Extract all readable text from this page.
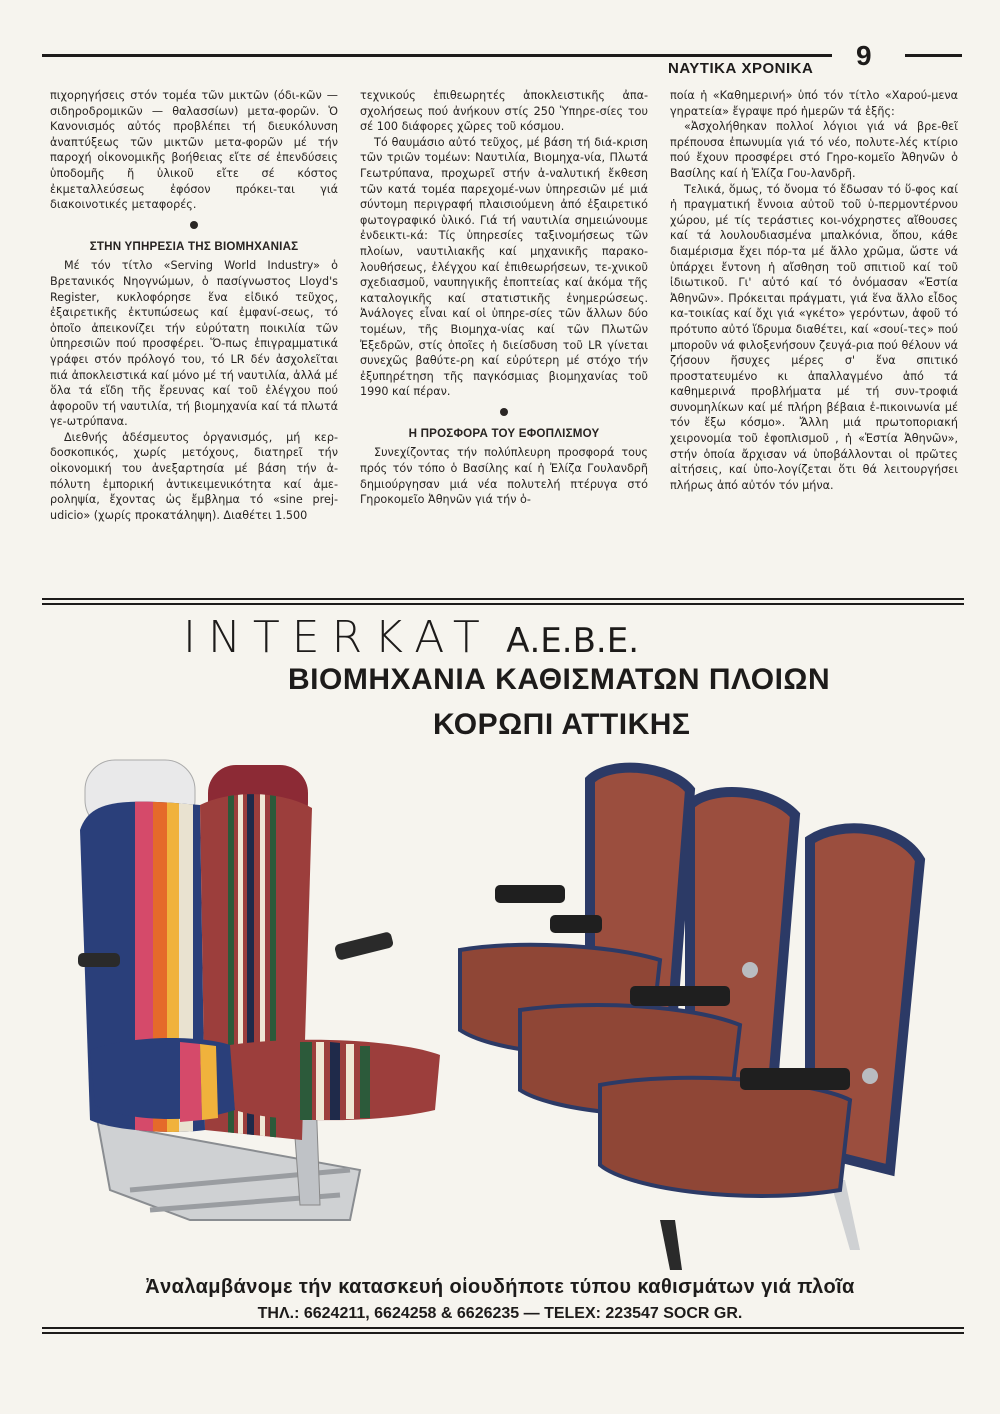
ΝΑΥΤΙΚΑ ΧΡΟΝΙΚΑ 9

πιχορηγήσεις στόν τομέα τῶν μικτῶν (όδι-κῶν — σιδηροδρομικῶν — θαλασσίων) μετα-φορῶν. Ὁ Κανονισμός αὐτός προβλέπει τή διευκόλυνση ἀναπτύξεως τῶν μικτῶν μετα-φορῶν μέ τήν παροχή οἰκονομικῆς βοήθειας εἴτε σέ ἐπενδύσεις ὑποδομῆς ἤ ὑλικοῦ εἴτε σέ κόστος ἐκμεταλλεύσεως ἐφόσον πρόκει-ται γιά διακοινοτικές μεταφορές.

ΣΤΗΝ ΥΠΗΡΕΣΙΑ ΤΗΣ ΒΙΟΜΗΧΑΝΙΑΣ

Μέ τόν τίτλο «Serving World Industry» ὁ Βρετανικός Νηογνώμων, ὁ πασίγνωστος Lloyd's Register, κυκλοφόρησε ἕνα εἰδικό τεῦχος, ἐξαιρετικῆς ἐκτυπώσεως καί ἐμφανί-σεως, τό ὁποῖο ἀπεικονίζει τήν εὐρύτατη ποικιλία τῶν ὑπηρεσιῶν πού προσφέρει. Ὅ-πως ἐπιγραμματικά γράφει στόν πρόλογό του, τό LR δέν ἀσχολεῖται πιά ἀποκλειστικά καί μόνο μέ τή ναυτιλία, ἀλλά μέ ὅλα τά εἴδη τῆς ἔρευνας καί τοῦ ἐλέγχου πού ἀφοροῦν τή ναυτιλία, τή βιομηχανία καί τά πλωτά γε-ωτρύπανα.

Διεθνής ἀδέσμευτος ὀργανισμός, μή κερ-δοσκοπικός, χωρίς μετόχους, διατηρεῖ τήν οἰκονομική του ἀνεξαρτησία μέ βάση τήν ἀ-πόλυτη ἐμπορική ἀντικειμενικότητα καί ἀμε-ροληψία, ἔχοντας ὡς ἔμβλημα τό «sine prej-udicio» (χωρίς προκατάληψη). Διαθέτει 1.500

τεχνικούς ἐπιθεωρητές ἀποκλειστικῆς ἀπα-σχολήσεως πού ἀνήκουν στίς 250 Ὑπηρε-σίες του σέ 100 διάφορες χῶρες τοῦ κόσμου.

Τό θαυμάσιο αὐτό τεῦχος, μέ βάση τή διά-κριση τῶν τριῶν τομέων: Ναυτιλία, Βιομηχα-νία, Πλωτά Γεωτρύπανα, προχωρεῖ στήν ἀ-ναλυτική ἔκθεση τῶν κατά τομέα παρεχομέ-νων ὑπηρεσιῶν μέ μιά σύντομη περιγραφή πλαισιούμενη ἀπό ἐξαιρετικό φωτογραφικό ὑλικό. Γιά τή ναυτιλία σημειώνουμε ἐνδεικτι-κά: Τίς ὑπηρεσίες ταξινομήσεως τῶν πλοίων, ναυτιλιακῆς καί μηχανικῆς παρακο-λουθήσεως, ἐλέγχου καί ἐπιθεωρήσεων, τε-χνικοῦ σχεδιασμοῦ, ναυπηγικῆς ἐποπτείας καί ἀκόμα τῆς καταλογικῆς καί στατιστικῆς ἐνημερώσεως. Ἀνάλογες εἶναι καί οἱ ὑπηρε-σίες τῶν ἄλλων δύο τομέων, τῆς Βιομηχα-νίας καί τῶν Πλωτῶν Ἐξεδρῶν, στίς ὁποῖες ἡ διείσδυση τοῦ LR γίνεται συνεχῶς βαθύτε-ρη καί εὐρύτερη μέ στόχο τήν ἐξυπηρέτηση τῆς παγκόσμιας βιομηχανίας τοῦ 1990 καί πέραν.

Η ΠΡΟΣΦΟΡΑ ΤΟΥ ΕΦΟΠΛΙΣΜΟΥ

Συνεχίζοντας τήν πολύπλευρη προσφορά τους πρός τόν τόπο ὁ Βασίλης καί ἡ Ἐλίζα Γουλανδρῆ δημιούργησαν μιά νέα πολυτελή πτέρυγα στό Γηροκομεῖο Ἀθηνῶν γιά τήν ὁ-

ποία ἡ «Καθημερινή» ὑπό τόν τίτλο «Χαρού-μενα γηρατεία» ἔγραψε πρό ἡμερῶν τά ἑξῆς:

«Ἀσχολήθηκαν πολλοί λόγιοι γιά νά βρε-θεῖ πρέπουσα ἐπωνυμία γιά τό νέο, πολυτε-λές κτίριο πού ἔχουν προσφέρει στό Γηρο-κομεῖο Ἀθηνῶν ὁ Βασίλης καί ἡ Ἐλίζα Γου-λανδρῆ.

Τελικά, ὅμως, τό ὄνομα τό ἔδωσαν τό ὕ-φος καί ἡ πραγματική ἔννοια αὐτοῦ τοῦ ὑ-περμοντέρνου χώρου, μέ τίς τεράστιες κοι-νόχρηστες αἴθουσες καί τά λουλουδιασμένα μπαλκόνια, ὅπου, κάθε διαμέρισμα ἔχει πόρ-τα μέ ἄλλο χρῶμα, ὥστε νά ὑπάρχει ἔντονη ἡ αἴσθηση τοῦ σπιτιοῦ καί τοῦ ἰδιωτικοῦ. Γι' αὐτό καί τό ὀνόμασαν «Ἑστία Ἀθηνῶν». Πρόκειται πράγματι, γιά ἕνα ἄλλο εἶδος κα-τοικίας καί ὄχι γιά «γκέτο» γερόντων, ἀφοῦ τό πρότυπο αὐτό ἵδρυμα διαθέτει, καί «σουί-τες» πού μποροῦν νά φιλοξενήσουν ζευγά-ρια πού θέλουν νά ζήσουν ἥσυχες μέρες σ' ἕνα σπιτικό προστατευμένο κι ἀπαλλαγμένο ἀπό τά καθημερινά προβλήματα μέ τή συν-τροφιά συνομηλίκων καί μέ πλήρη βέβαια ἐ-πικοινωνία μέ τόν ἔξω κόσμο». Ἄλλη μιά πρωτοποριακή χειρονομία τοῦ ἐφοπλισμοῦ , ἡ «Ἑστία Ἀθηνῶν», στήν ὁποία ἄρχισαν νά ὑποβάλλονται οἱ πρῶτες αἰτήσεις, καί ὑπο-λογίζεται ὅτι θά λειτουργήσει πλήρως ἀπό αὐτόν τόν μήνα.

INTERKAT Α.Ε.Β.Ε.
ΒΙΟΜΗΧΑΝΙΑ ΚΑΘΙΣΜΑΤΩΝ ΠΛΟΙΩΝ
ΚΟΡΩΠΙ ΑΤΤΙΚΗΣ
Ἀναλαμβάνομε τήν κατασκευή οἱουδήποτε τύπου καθισμάτων γιά πλοῖα
ΤΗΛ.: 6624211, 6624258 & 6626235 — TELEX: 223547 SOCR GR.
